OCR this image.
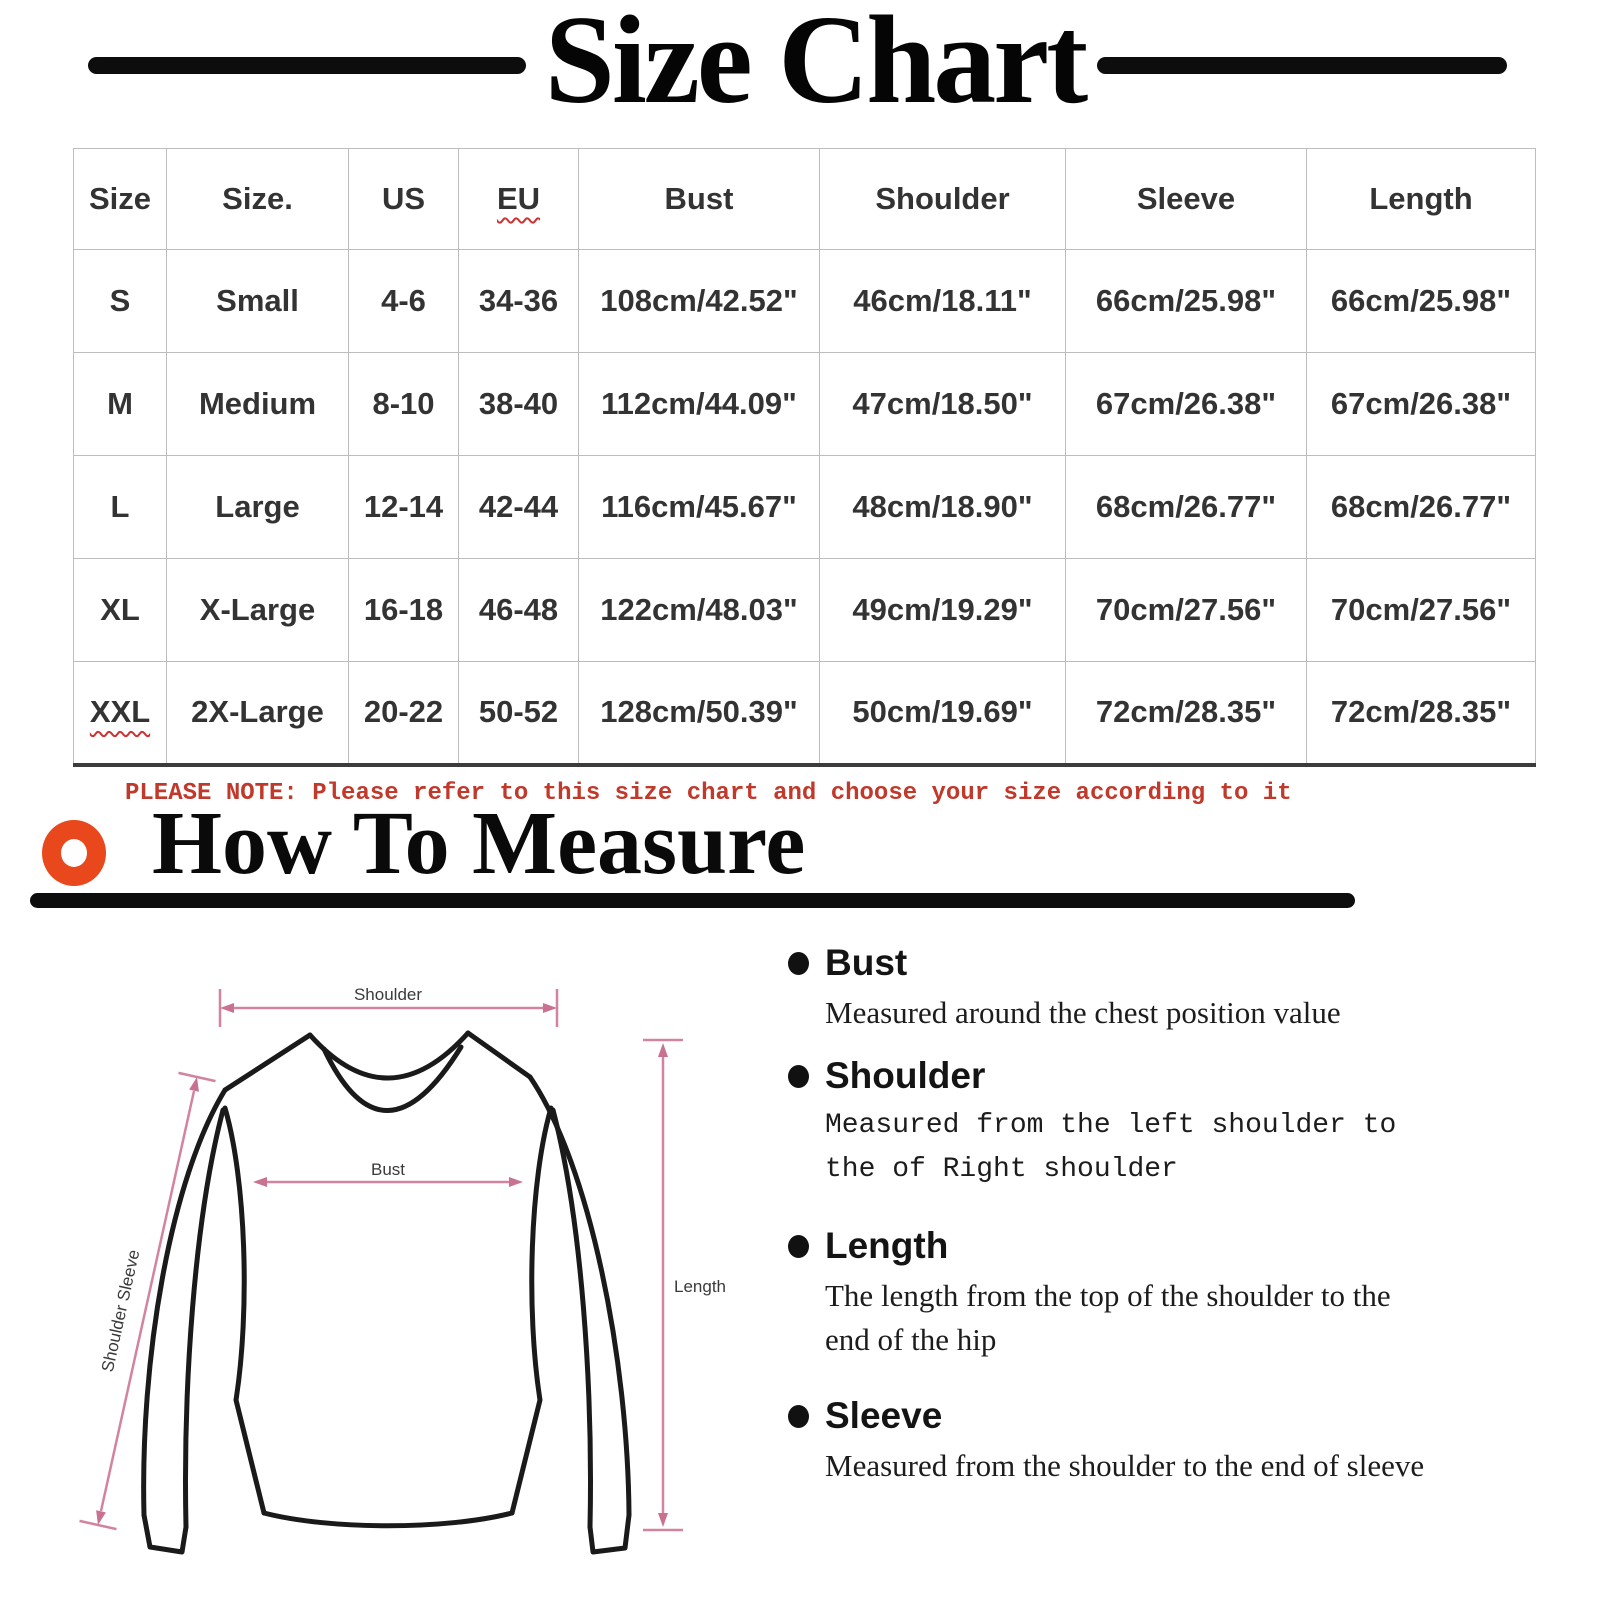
Size Chart
Size	Size.	US	EU	Bust	Shoulder	Sleeve	Length
S	Small	4-6	34-36	108cm/42.52"	46cm/18.11"	66cm/25.98"	66cm/25.98"
M	Medium	8-10	38-40	112cm/44.09"	47cm/18.50"	67cm/26.38"	67cm/26.38"
L	Large	12-14	42-44	116cm/45.67"	48cm/18.90"	68cm/26.77"	68cm/26.77"
XL	X-Large	16-18	46-48	122cm/48.03"	49cm/19.29"	70cm/27.56"	70cm/27.56"
XXL	2X-Large	20-22	50-52	128cm/50.39"	50cm/19.69"	72cm/28.35"	72cm/28.35"
PLEASE NOTE: Please refer to this size chart and choose your size according to it
How To Measure
Shoulder
Bust
Length
Shoulder Sleeve
Bust
Measured around the chest position value
Shoulder
Measured from the left shoulder to the of Right shoulder
Length
The length from the top of the shoulder to the end of the hip
Sleeve
Measured from the shoulder to the end of sleeve
